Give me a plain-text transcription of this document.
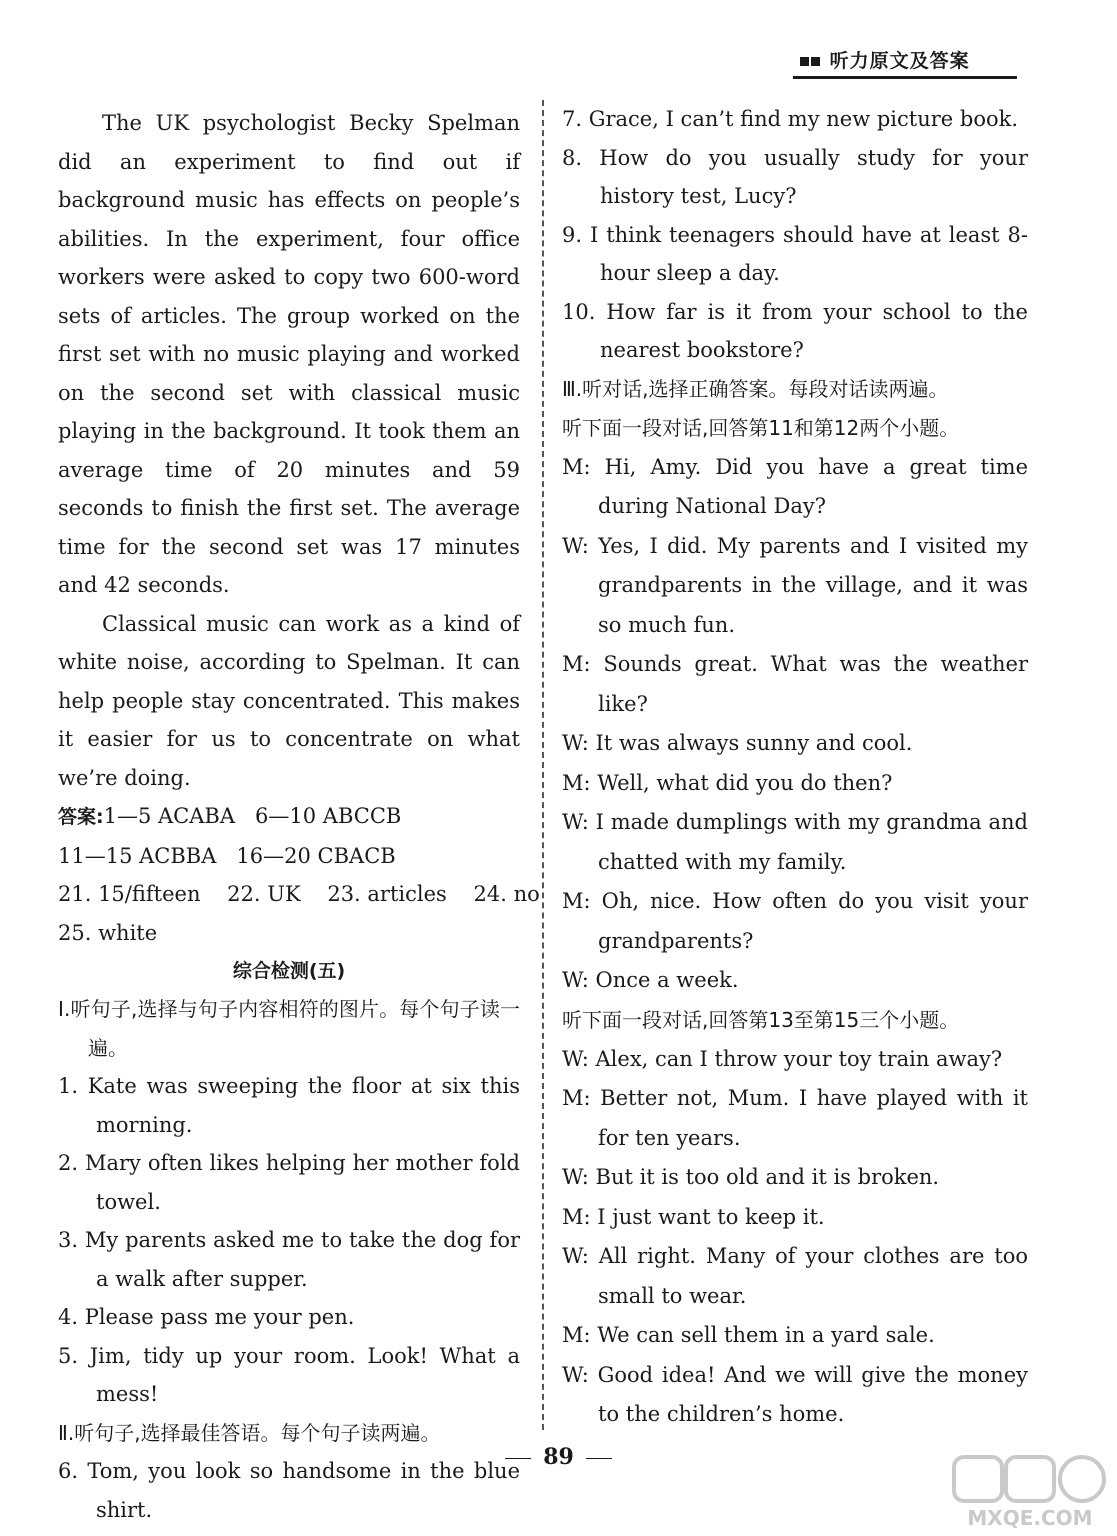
听力原文及答案

The UK psychologist Becky Spelman did an experiment to find out if background music has effects on people’s abilities. In the experiment, four office workers were asked to copy two 600-word sets of articles. The group worked on the first set with no music playing and worked on the second set with classical music playing in the background. It took them an average time of 20 minutes and 59 seconds to finish the first set. The average time for the second set was 17 minutes and 42 seconds.

Classical music can work as a kind of white noise, according to Spelman. It can help people stay concentrated. This makes it easier for us to concentrate on what we’re doing.

答案:1—5 ACABA   6—10 ABCCB

11—15 ACBBA   16—20 CBACB

21. 15/fifteen    22. UK    23. articles    24. no

25. white

综合检测(五)

Ⅰ.听句子,选择与句子内容相符的图片。每个句子读一遍。

1. Kate was sweeping the floor at six this morning.

2. Mary often likes helping her mother fold towel.

3. My parents asked me to take the dog for a walk after supper.

4. Please pass me your pen.

5. Jim, tidy up your room. Look! What a mess!

Ⅱ.听句子,选择最佳答语。每个句子读两遍。

6. Tom, you look so handsome in the blue shirt.

7. Grace, I can’t find my new picture book.

8. How do you usually study for your history test, Lucy?

9. I think teenagers should have at least 8-hour sleep a day.

10. How far is it from your school to the nearest bookstore?

Ⅲ.听对话,选择正确答案。每段对话读两遍。

听下面一段对话,回答第11和第12两个小题。

M: Hi, Amy. Did you have a great time during National Day?

W: Yes, I did. My parents and I visited my grandparents in the village, and it was so much fun.

M: Sounds great. What was the weather like?

W: It was always sunny and cool.

M: Well, what did you do then?

W: I made dumplings with my grandma and chatted with my family.

M: Oh, nice. How often do you visit your grandparents?

W: Once a week.

听下面一段对话,回答第13至第15三个小题。

W: Alex, can I throw your toy train away?

M: Better not, Mum. I have played with it for ten years.

W: But it is too old and it is broken.

M: I just want to keep it.

W: All right. Many of your clothes are too small to wear.

M: We can sell them in a yard sale.

W: Good idea! And we will give the money to the children’s home.

89
MXQE.COM
